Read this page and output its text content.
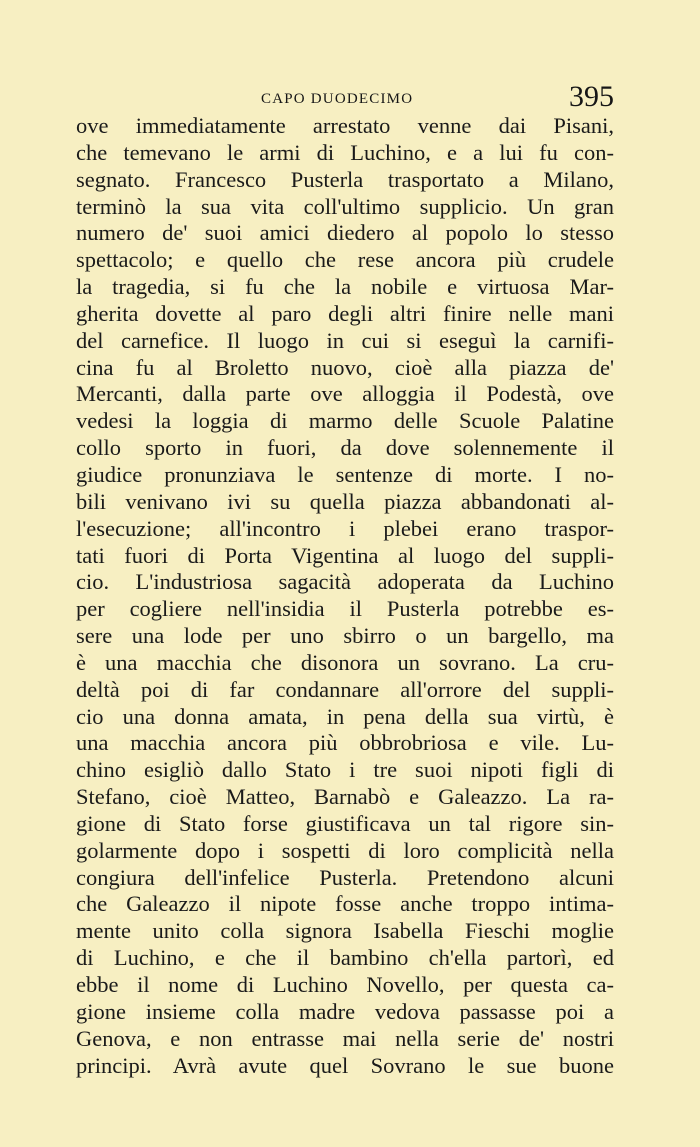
CAPO DUODECIMO	395
ove immediatamente arrestato venne dai Pisani,
che temevano le armi di Luchino, e a lui fu con-
segnato. Francesco Pusterla trasportato a Milano,
terminò la sua vita coll'ultimo supplicio. Un gran
numero de' suoi amici diedero al popolo lo stesso
spettacolo; e quello che rese ancora più crudele
la tragedia, si fu che la nobile e virtuosa Mar-
gherita dovette al paro degli altri finire nelle mani
del carnefice. Il luogo in cui si eseguì la carnifi-
cina fu al Broletto nuovo, cioè alla piazza de'
Mercanti, dalla parte ove alloggia il Podestà, ove
vedesi la loggia di marmo delle Scuole Palatine
collo sporto in fuori, da dove solennemente il
giudice pronunziava le sentenze di morte. I no-
bili venivano ivi su quella piazza abbandonati al-
l'esecuzione; all'incontro i plebei erano traspor-
tati fuori di Porta Vigentina al luogo del suppli-
cio. L'industriosa sagacità adoperata da Luchino
per cogliere nell'insidia il Pusterla potrebbe es-
sere una lode per uno sbirro o un bargello, ma
è una macchia che disonora un sovrano. La cru-
deltà poi di far condannare all'orrore del suppli-
cio una donna amata, in pena della sua virtù, è
una macchia ancora più obbrobriosa e vile. Lu-
chino esigliò dallo Stato i tre suoi nipoti figli di
Stefano, cioè Matteo, Barnabò e Galeazzo. La ra-
gione di Stato forse giustificava un tal rigore sin-
golarmente dopo i sospetti di loro complicità nella
congiura dell'infelice Pusterla. Pretendono alcuni
che Galeazzo il nipote fosse anche troppo intima-
mente unito colla signora Isabella Fieschi moglie
di Luchino, e che il bambino ch'ella partorì, ed
ebbe il nome di Luchino Novello, per questa ca-
gione insieme colla madre vedova passasse poi a
Genova, e non entrasse mai nella serie de' nostri
principi. Avrà avute quel Sovrano le sue buone
